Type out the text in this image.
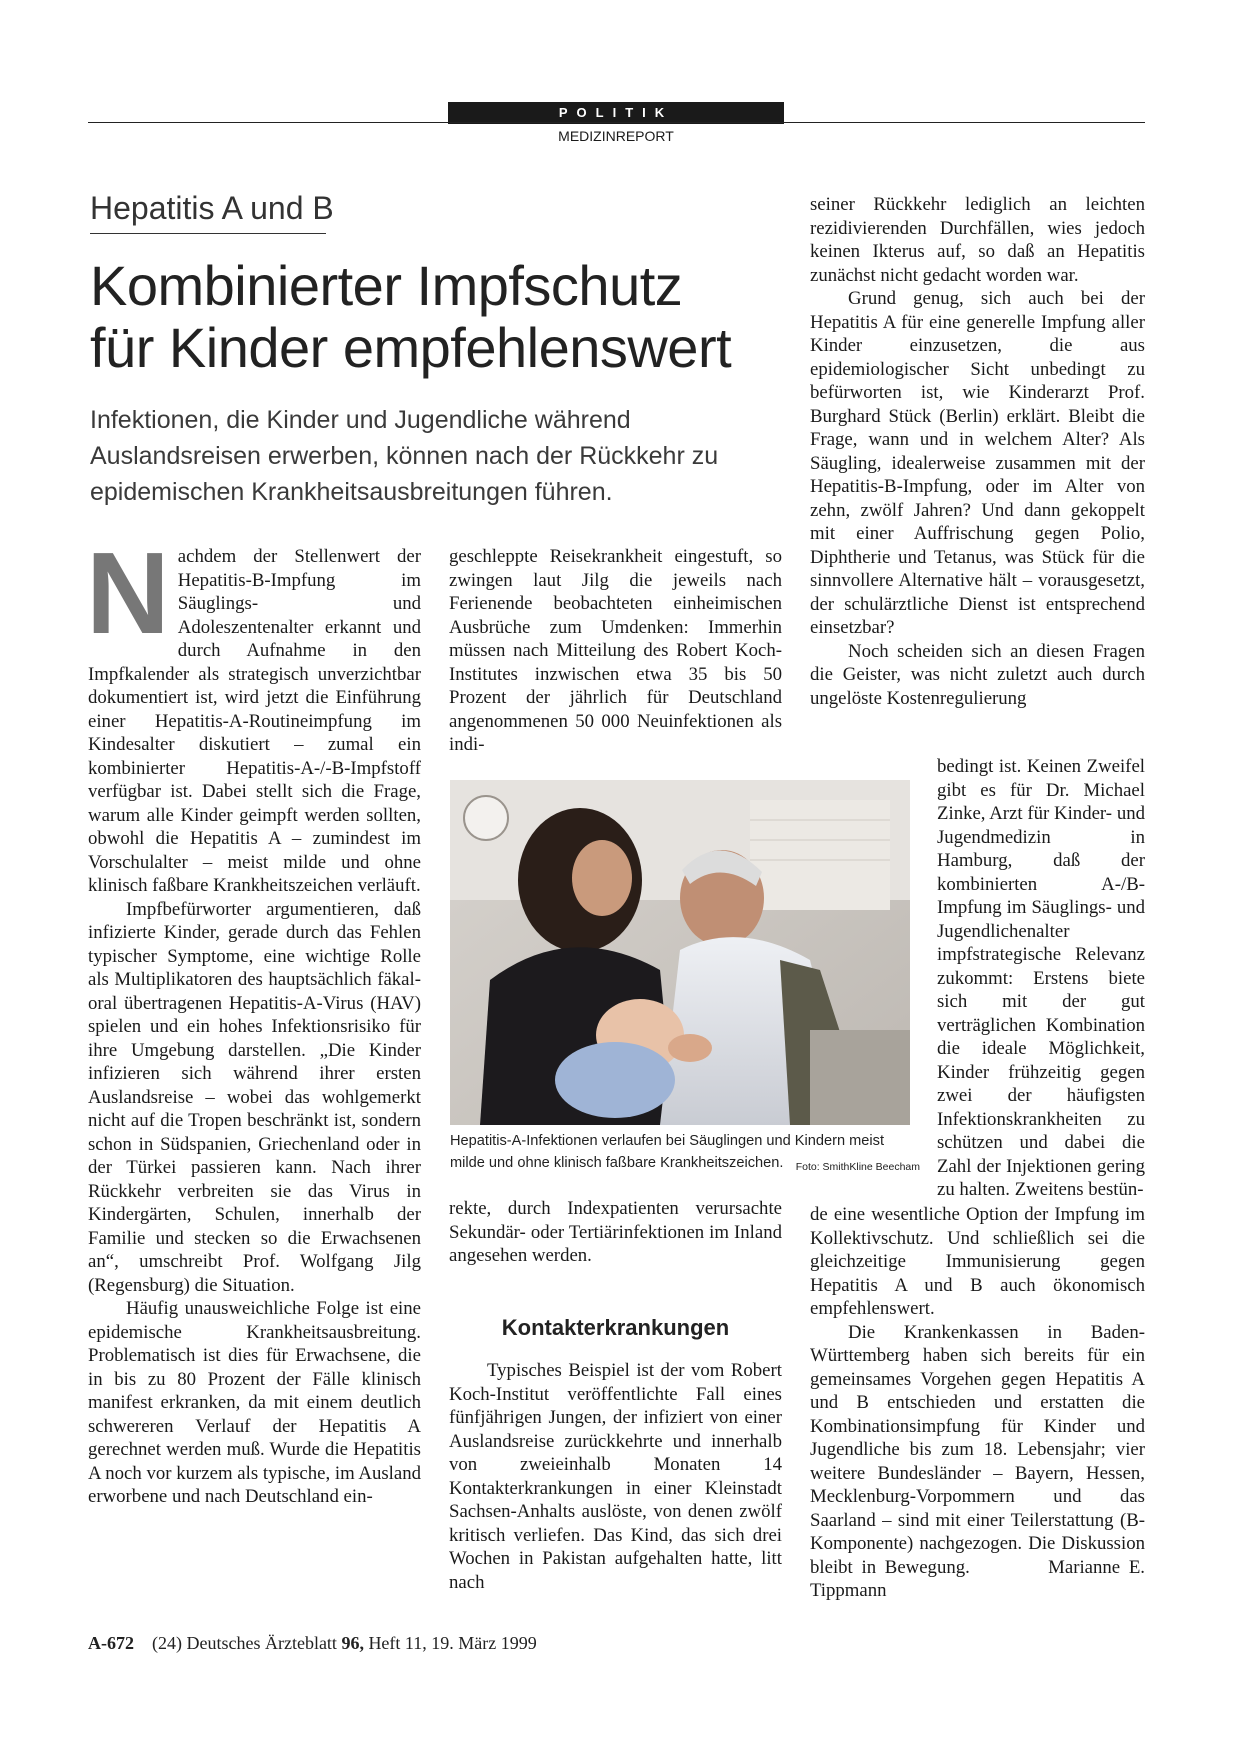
POLITIK
MEDIZINREPORT
Hepatitis A und B
Kombinierter Impfschutz
für Kinder empfehlenswert
Infektionen, die Kinder und Jugendliche während Auslandsreisen erwerben, können nach der Rückkehr zu epidemischen Krankheitsausbreitungen führen.

Nachdem der Stellenwert der Hepatitis-B-Impfung im Säuglings- und Adoleszentenalter erkannt und durch Aufnahme in den Impfkalender als strategisch unverzichtbar dokumentiert ist, wird jetzt die Einführung einer Hepatitis-A-Routineimpfung im Kindesalter diskutiert – zumal ein kombinierter Hepatitis-A-/-B-Impfstoff verfügbar ist. Dabei stellt sich die Frage, warum alle Kinder geimpft werden sollten, obwohl die Hepatitis A – zumindest im Vorschulalter – meist milde und ohne klinisch faßbare Krankheitszeichen verläuft.

Impfbefürworter argumentieren, daß infizierte Kinder, gerade durch das Fehlen typischer Symptome, eine wichtige Rolle als Multiplikatoren des hauptsächlich fäkal-oral übertragenen Hepatitis-A-Virus (HAV) spielen und ein hohes Infektionsrisiko für ihre Umgebung darstellen. „Die Kinder infizieren sich während ihrer ersten Auslandsreise – wobei das wohlgemerkt nicht auf die Tropen beschränkt ist, sondern schon in Südspanien, Griechenland oder in der Türkei passieren kann. Nach ihrer Rückkehr verbreiten sie das Virus in Kindergärten, Schulen, innerhalb der Familie und stecken so die Erwachsenen an“, umschreibt Prof. Wolfgang Jilg (Regensburg) die Situation.

Häufig unausweichliche Folge ist eine epidemische Krankheitsausbreitung. Problematisch ist dies für Erwachsene, die in bis zu 80 Prozent der Fälle klinisch manifest erkranken, da mit einem deutlich schwereren Verlauf der Hepatitis A gerechnet werden muß. Wurde die Hepatitis A noch vor kurzem als typische, im Ausland erworbene und nach Deutschland ein-

geschleppte Reisekrankheit eingestuft, so zwingen laut Jilg die jeweils nach Ferienende beobachteten einheimischen Ausbrüche zum Umdenken: Immerhin müssen nach Mitteilung des Robert Koch-Institutes inzwischen etwa 35 bis 50 Prozent der jährlich für Deutschland angenommenen 50 000 Neuinfektionen als indi-

Hepatitis-A-Infektionen verlaufen bei Säuglingen und Kindern meist milde und ohne klinisch faßbare Krankheitszeichen. Foto: SmithKline Beecham

rekte, durch Indexpatienten verursachte Sekundär- oder Tertiärinfektionen im Inland angesehen werden.

Kontakterkrankungen

Typisches Beispiel ist der vom Robert Koch-Institut veröffentlichte Fall eines fünfjährigen Jungen, der infiziert von einer Auslandsreise zurückkehrte und innerhalb von zweieinhalb Monaten 14 Kontakterkrankungen in einer Kleinstadt Sachsen-Anhalts auslöste, von denen zwölf kritisch verliefen. Das Kind, das sich drei Wochen in Pakistan aufgehalten hatte, litt nach

seiner Rückkehr lediglich an leichten rezidivierenden Durchfällen, wies jedoch keinen Ikterus auf, so daß an Hepatitis zunächst nicht gedacht worden war.

Grund genug, sich auch bei der Hepatitis A für eine generelle Impfung aller Kinder einzusetzen, die aus epidemiologischer Sicht unbedingt zu befürworten ist, wie Kinderarzt Prof. Burghard Stück (Berlin) erklärt. Bleibt die Frage, wann und in welchem Alter? Als Säugling, idealerweise zusammen mit der Hepatitis-B-Impfung, oder im Alter von zehn, zwölf Jahren? Und dann gekoppelt mit einer Auffrischung gegen Polio, Diphtherie und Tetanus, was Stück für die sinnvollere Alternative hält – vorausgesetzt, der schulärztliche Dienst ist entsprechend einsetzbar?

Noch scheiden sich an diesen Fragen die Geister, was nicht zuletzt auch durch ungelöste Kostenregulierung

bedingt ist. Keinen Zweifel gibt es für Dr. Michael Zinke, Arzt für Kinder- und Jugendmedizin in Hamburg, daß der kombinierten A-/B-Impfung im Säuglings- und Jugendlichenalter impfstrategische Relevanz zukommt: Erstens biete sich mit der gut verträglichen Kombination die ideale Möglichkeit, Kinder frühzeitig gegen zwei der häufigsten Infektionskrankheiten zu schützen und dabei die Zahl der Injektionen gering zu halten. Zweitens bestün-

de eine wesentliche Option der Impfung im Kollektivschutz. Und schließlich sei die gleichzeitige Immunisierung gegen Hepatitis A und B auch ökonomisch empfehlenswert.

Die Krankenkassen in Baden-Württemberg haben sich bereits für ein gemeinsames Vorgehen gegen Hepatitis A und B entschieden und erstatten die Kombinationsimpfung für Kinder und Jugendliche bis zum 18. Lebensjahr; vier weitere Bundesländer – Bayern, Hessen, Mecklenburg-Vorpommern und das Saarland – sind mit einer Teilerstattung (B-Komponente) nachgezogen. Die Diskussion bleibt in Bewegung.	Marianne E. Tippmann

A-672 (24) Deutsches Ärzteblatt 96, Heft 11, 19. März 1999
